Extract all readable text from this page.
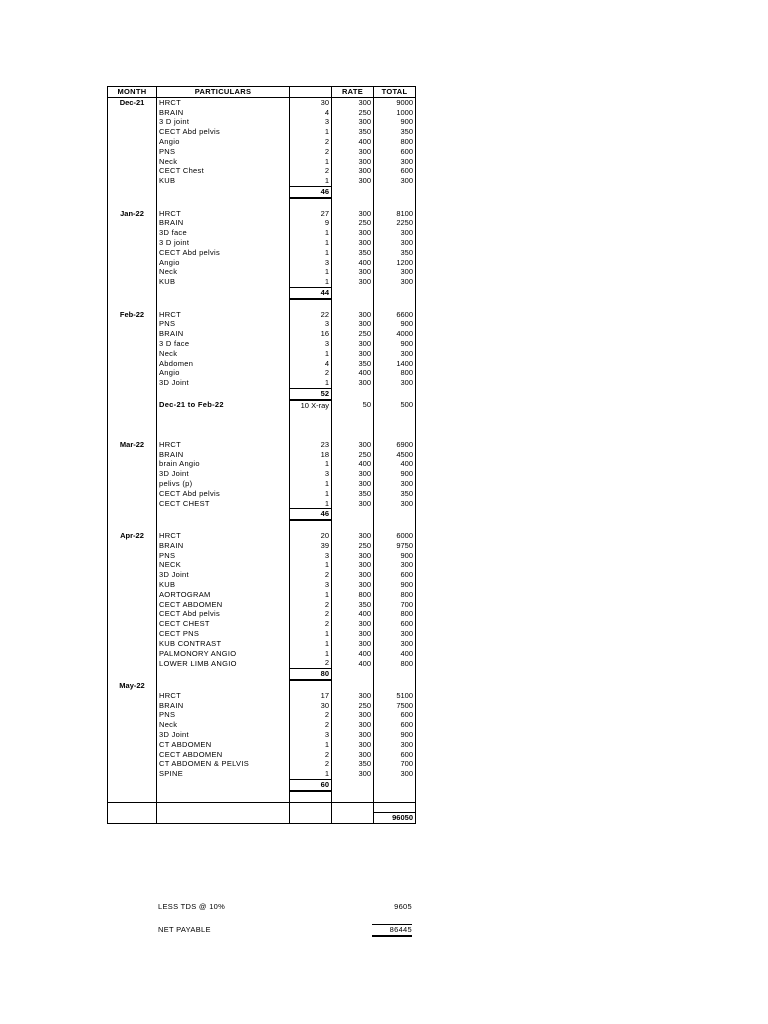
MONTH	PARTICULARS		RATE	TOTAL
Dec-21	HRCT	30	300	9000
	BRAIN	4	250	1000
	3 D joint	3	300	900
	CECT Abd pelvis	1	350	350
	Angio	2	400	800
	PNS	2	300	600
	Neck	1	300	300
	CECT Chest	2	300	600
	KUB	1	300	300
		46		

Jan-22	HRCT	27	300	8100
	BRAIN	9	250	2250
	3D face	1	300	300
	3 D joint	1	300	300
	CECT Abd pelvis	1	350	350
	Angio	3	400	1200
	Neck	1	300	300
	KUB	1	300	300
		44		

Feb-22	HRCT	22	300	6600
	PNS	3	300	900
	BRAIN	16	250	4000
	3 D face	3	300	900
	Neck	1	300	300
	Abdomen	4	350	1400
	Angio	2	400	800
	3D Joint	1	300	300
		52		
	Dec-21 to Feb-22	10 X-ray	50	500

Mar-22	HRCT	23	300	6900
	BRAIN	18	250	4500
	brain Angio	1	400	400
	3D Joint	3	300	900
	pelivs (p)	1	300	300
	CECT Abd pelvis	1	350	350
	CECT CHEST	1	300	300
		46		

Apr-22	HRCT	20	300	6000
	BRAIN	39	250	9750
	PNS	3	300	900
	NECK	1	300	300
	3D Joint	2	300	600
	KUB	3	300	900
	AORTOGRAM	1	800	800
	CECT ABDOMEN	2	350	700
	CECT Abd pelvis	2	400	800
	CECT CHEST	2	300	600
	CECT PNS	1	300	300
	KUB CONTRAST	1	300	300
	PALMONORY ANGIO	1	400	400
	LOWER LIMB ANGIO	2	400	800
		80		
May-22				
	HRCT	17	300	5100
	BRAIN	30	250	7500
	PNS	2	300	600
	Neck	2	300	600
	3D Joint	3	300	900
	CT ABDOMEN	1	300	300
	CECT ABDOMEN	2	300	600
	CT ABDOMEN & PELVIS	2	350	700
	SPINE	1	300	300
		60		

				96050
LESS TDS @ 10%	9605
NET PAYABLE	86445
